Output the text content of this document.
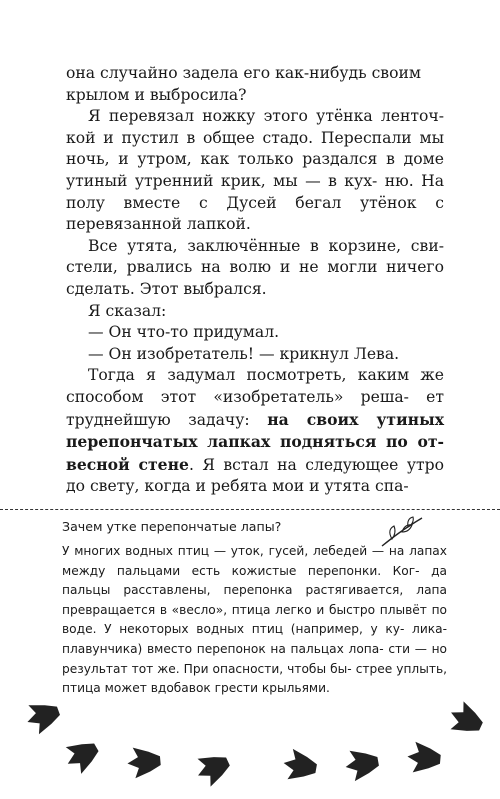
она случайно задела его как-нибудь своим
крылом и выбросила?

Я перевязал ножку этого утёнка ленточ- кой и пустил в общее стадо. Переспали мы ночь, и утром, как только раздался в доме утиный утренний крик, мы — в кух- ню. На полу вместе с Дусей бегал утёнок с перевязанной лапкой.

Все утята, заключённые в корзине, сви- стели, рвались на волю и не могли ничего сделать. Этот выбрался.

Я сказал:

— Он что-то придумал.

— Он изобретатель! — крикнул Лева.

Тогда я задумал посмотреть, каким же способом этот «изобретатель» реша- ет труднейшую задачу: на своих утиных перепончатых лапках подняться по от- весной стене. Я встал на следующее утро до свету, когда и ребята мои и утята спа-

Зачем утке перепончатые лапы?

У многих водных птиц — уток, гусей, лебедей — на лапах между пальцами есть кожистые перепонки. Ког- да пальцы расставлены, перепонка растягивается, лапа превращается в «весло», птица легко и быстро плывёт по воде. У некоторых водных птиц (например, у ку- лика-плавунчика) вместо перепонок на пальцах лопа- сти — но результат тот же. При опасности, чтобы бы- стрее уплыть, птица может вдобавок грести крыльями.
